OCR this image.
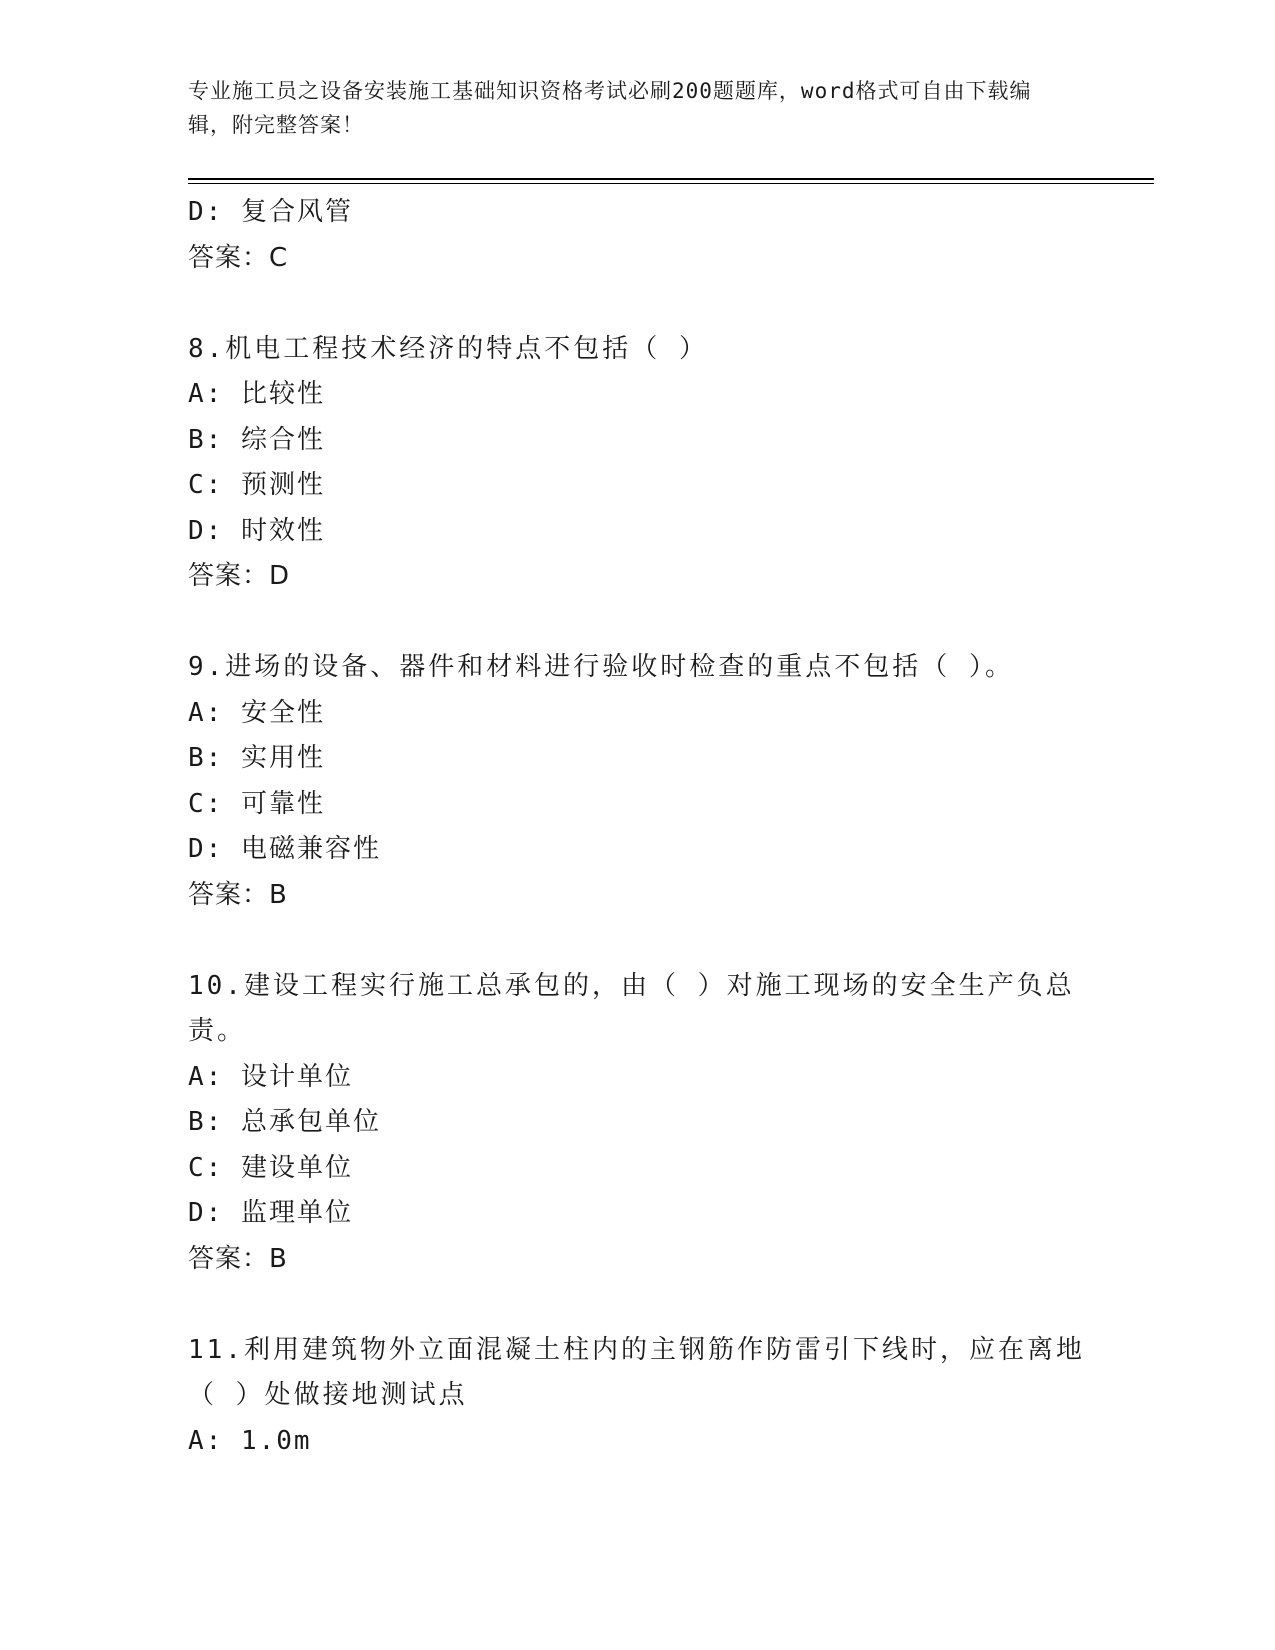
专业施工员之设备安装施工基础知识资格考试必刷200题题库，word格式可自由下载编辑，附完整答案！
D: 复合风管
答案：C
8.机电工程技术经济的特点不包括（ ）
A: 比较性
B: 综合性
C: 预测性
D: 时效性
答案：D
9.进场的设备、器件和材料进行验收时检查的重点不包括（ ）。
A: 安全性
B: 实用性
C: 可靠性
D: 电磁兼容性
答案：B
10.建设工程实行施工总承包的，由（ ）对施工现场的安全生产负总责。
A: 设计单位
B: 总承包单位
C: 建设单位
D: 监理单位
答案：B
11.利用建筑物外立面混凝土柱内的主钢筋作防雷引下线时，应在离地（ ）处做接地测试点
A: 1.0m
